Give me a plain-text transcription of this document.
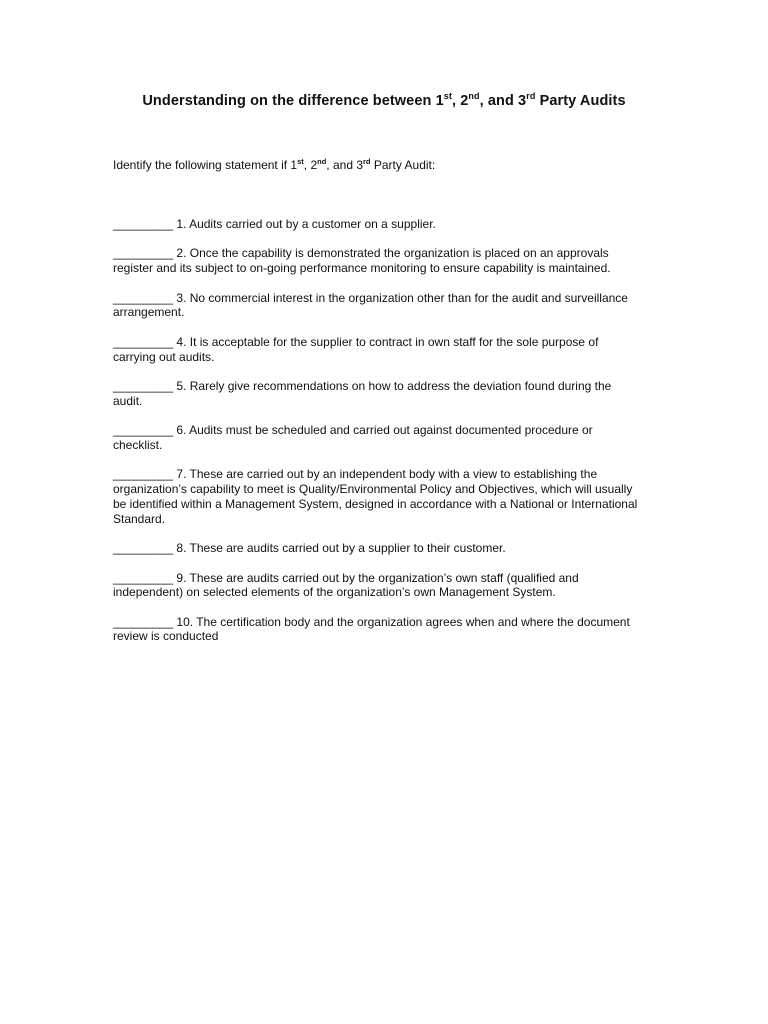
Understanding on the difference between 1st, 2nd, and 3rd Party Audits
Identify the following statement if 1st, 2nd, and 3rd Party Audit:
_________ 1. Audits carried out by a customer on a supplier.
_________ 2. Once the capability is demonstrated the organization is placed on an approvals register and its subject to on-going performance monitoring to ensure capability is maintained.
_________ 3. No commercial interest in the organization other than for the audit and surveillance arrangement.
_________ 4. It is acceptable for the supplier to contract in own staff for the sole purpose of carrying out audits.
_________ 5. Rarely give recommendations on how to address the deviation found during the audit.
_________ 6. Audits must be scheduled and carried out against documented procedure or checklist.
_________ 7. These are carried out by an independent body with a view to establishing the organization’s capability to meet is Quality/Environmental Policy and Objectives, which will usually be identified within a Management System, designed in accordance with a National or International Standard.
_________ 8. These are audits carried out by a supplier to their customer.
_________ 9. These are audits carried out by the organization’s own staff (qualified and independent) on selected elements of the organization’s own Management System.
_________ 10. The certification body and the organization agrees when and where the document review is conducted
